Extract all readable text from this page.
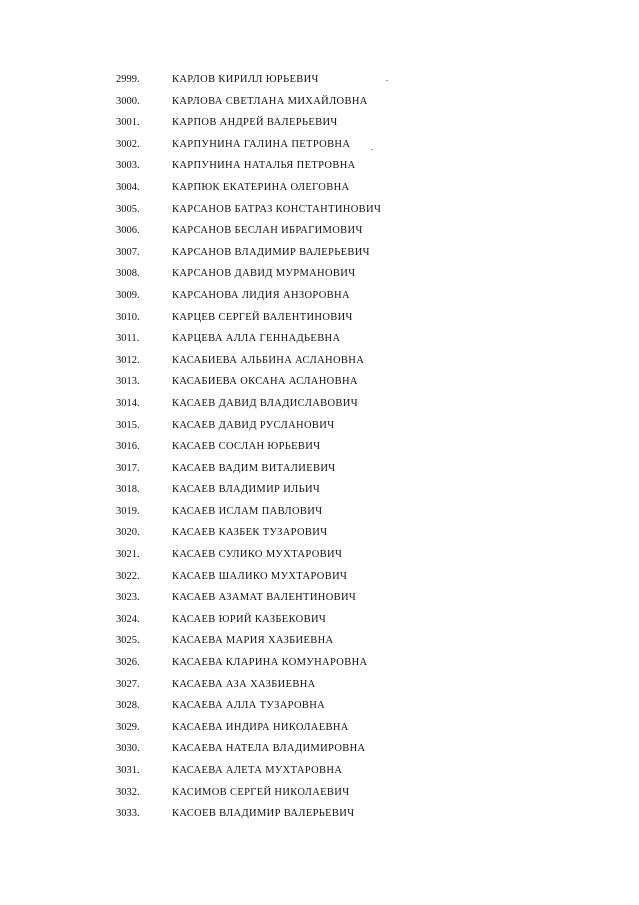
2999.	КАРЛОВ КИРИЛЛ ЮРЬЕВИЧ
3000.	КАРЛОВА СВЕТЛАНА МИХАЙЛОВНА
3001.	КАРПОВ АНДРЕЙ ВАЛЕРЬЕВИЧ
3002.	КАРПУНИНА ГАЛИНА ПЕТРОВНА
3003.	КАРПУНИНА НАТАЛЬЯ ПЕТРОВНА
3004.	КАРПЮК ЕКАТЕРИНА ОЛЕГОВНА
3005.	КАРСАНОВ БАТРАЗ КОНСТАНТИНОВИЧ
3006.	КАРСАНОВ БЕСЛАН ИБРАГИМОВИЧ
3007.	КАРСАНОВ ВЛАДИМИР ВАЛЕРЬЕВИЧ
3008.	КАРСАНОВ ДАВИД МУРМАНОВИЧ
3009.	КАРСАНОВА ЛИДИЯ АНЗОРОВНА
3010.	КАРЦЕВ СЕРГЕЙ ВАЛЕНТИНОВИЧ
3011.	КАРЦЕВА АЛЛА ГЕННАДЬЕВНА
3012.	КАСАБИЕВА АЛЬБИНА АСЛАНОВНА
3013.	КАСАБИЕВА ОКСАНА АСЛАНОВНА
3014.	КАСАЕВ ДАВИД ВЛАДИСЛАВОВИЧ
3015.	КАСАЕВ ДАВИД РУСЛАНОВИЧ
3016.	КАСАЕВ СОСЛАН ЮРЬЕВИЧ
3017.	КАСАЕВ ВАДИМ ВИТАЛИЕВИЧ
3018.	КАСАЕВ ВЛАДИМИР ИЛЬИЧ
3019.	КАСАЕВ ИСЛАМ ПАВЛОВИЧ
3020.	КАСАЕВ КАЗБЕК ТУЗАРОВИЧ
3021.	КАСАЕВ СУЛИКО МУХТАРОВИЧ
3022.	КАСАЕВ ШАЛИКО МУХТАРОВИЧ
3023.	КАСАЕВ АЗАМАТ ВАЛЕНТИНОВИЧ
3024.	КАСАЕВ ЮРИЙ КАЗБЕКОВИЧ
3025.	КАСАЕВА МАРИЯ ХАЗБИЕВНА
3026.	КАСАЕВА КЛАРИНА КОМУНАРОВНА
3027.	КАСАЕВА АЗА ХАЗБИЕВНА
3028.	КАСАЕВА АЛЛА ТУЗАРОВНА
3029.	КАСАЕВА ИНДИРА НИКОЛАЕВНА
3030.	КАСАЕВА НАТЕЛА ВЛАДИМИРОВНА
3031.	КАСАЕВА АЛЕТА МУХТАРОВНА
3032.	КАСИМОВ СЕРГЕЙ НИКОЛАЕВИЧ
3033.	КАСОЕВ ВЛАДИМИР ВАЛЕРЬЕВИЧ
